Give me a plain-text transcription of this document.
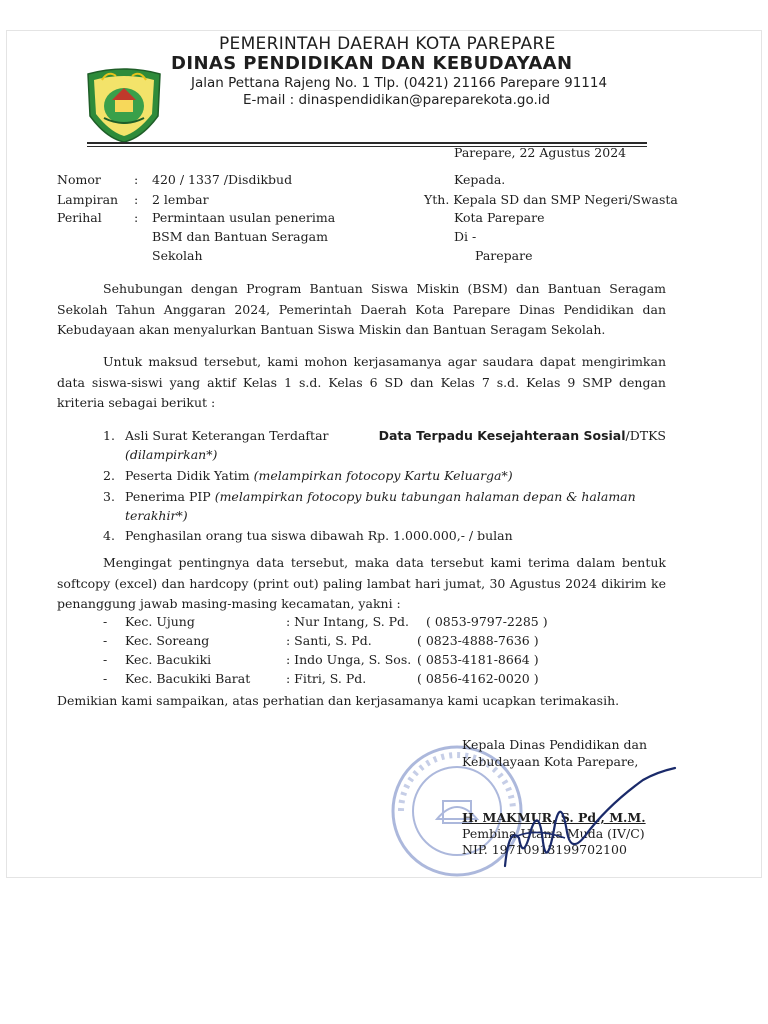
PEMERINTAH DAERAH KOTA PAREPARE
DINAS PENDIDIKAN DAN KEBUDAYAAN
Jalan Pettana Rajeng No. 1 Tlp. (0421) 21166 Parepare 91114
E-mail : dinaspendidikan@pareparekota.go.id
Parepare, 22 Agustus 2024
Nomor	: 420 / 1337 /Disdikbud
Lampiran : 2 lembar
Perihal	: Permintaan usulan penerima
BSM dan Bantuan Seragam
Sekolah
Kepada.
Yth. Kepala SD dan SMP Negeri/Swasta
Kota Parepare
Di -
Parepare
Sehubungan dengan Program Bantuan Siswa Miskin (BSM) dan Bantuan Seragam
Sekolah Tahun Anggaran 2024, Pemerintah Daerah Kota Parepare Dinas Pendidikan dan
Kebudayaan akan menyalurkan Bantuan Siswa Miskin dan Bantuan Seragam Sekolah.
Untuk maksud tersebut, kami mohon kerjasamanya agar saudara dapat mengirimkan
data siswa-siswi yang aktif Kelas 1 s.d. Kelas 6 SD dan Kelas 7 s.d. Kelas 9 SMP dengan
kriteria sebagai berikut :
1. Asli Surat Keterangan Terdaftar	Data Terpadu Kesejahteraan Sosial/DTKS
(dilampirkan*)
2. Peserta Didik Yatim (melampirkan fotocopy Kartu Keluarga*)
3. Penerima PIP (melampirkan fotocopy buku tabungan halaman depan & halaman
terakhir*)
4. Penghasilan orang tua siswa dibawah Rp. 1.000.000,- / bulan
Mengingat pentingnya data tersebut, maka data tersebut kami terima dalam bentuk
softcopy (excel) dan hardcopy (print out) paling lambat hari jumat, 30 Agustus 2024 dikirim ke
penanggung jawab masing-masing kecamatan, yakni :
- Kec. Ujung	: Nur Intang, S. Pd. ( 0853-9797-2285 )
- Kec. Soreang	: Santi, S. Pd.	( 0823-4888-7636 )
- Kec. Bacukiki	: Indo Unga, S. Sos. ( 0853-4181-8664 )
- Kec. Bacukiki Barat	: Fitri, S. Pd.	( 0856-4162-0020 )
Demikian kami sampaikan, atas perhatian dan kerjasamanya kami ucapkan terimakasih.
Kepala Dinas Pendidikan dan
Kebudayaan Kota Parepare,
H. MAKMUR, S. Pd., M.M.
Pembina Utama Muda (IV/C)
NIP. 19710913199702100
